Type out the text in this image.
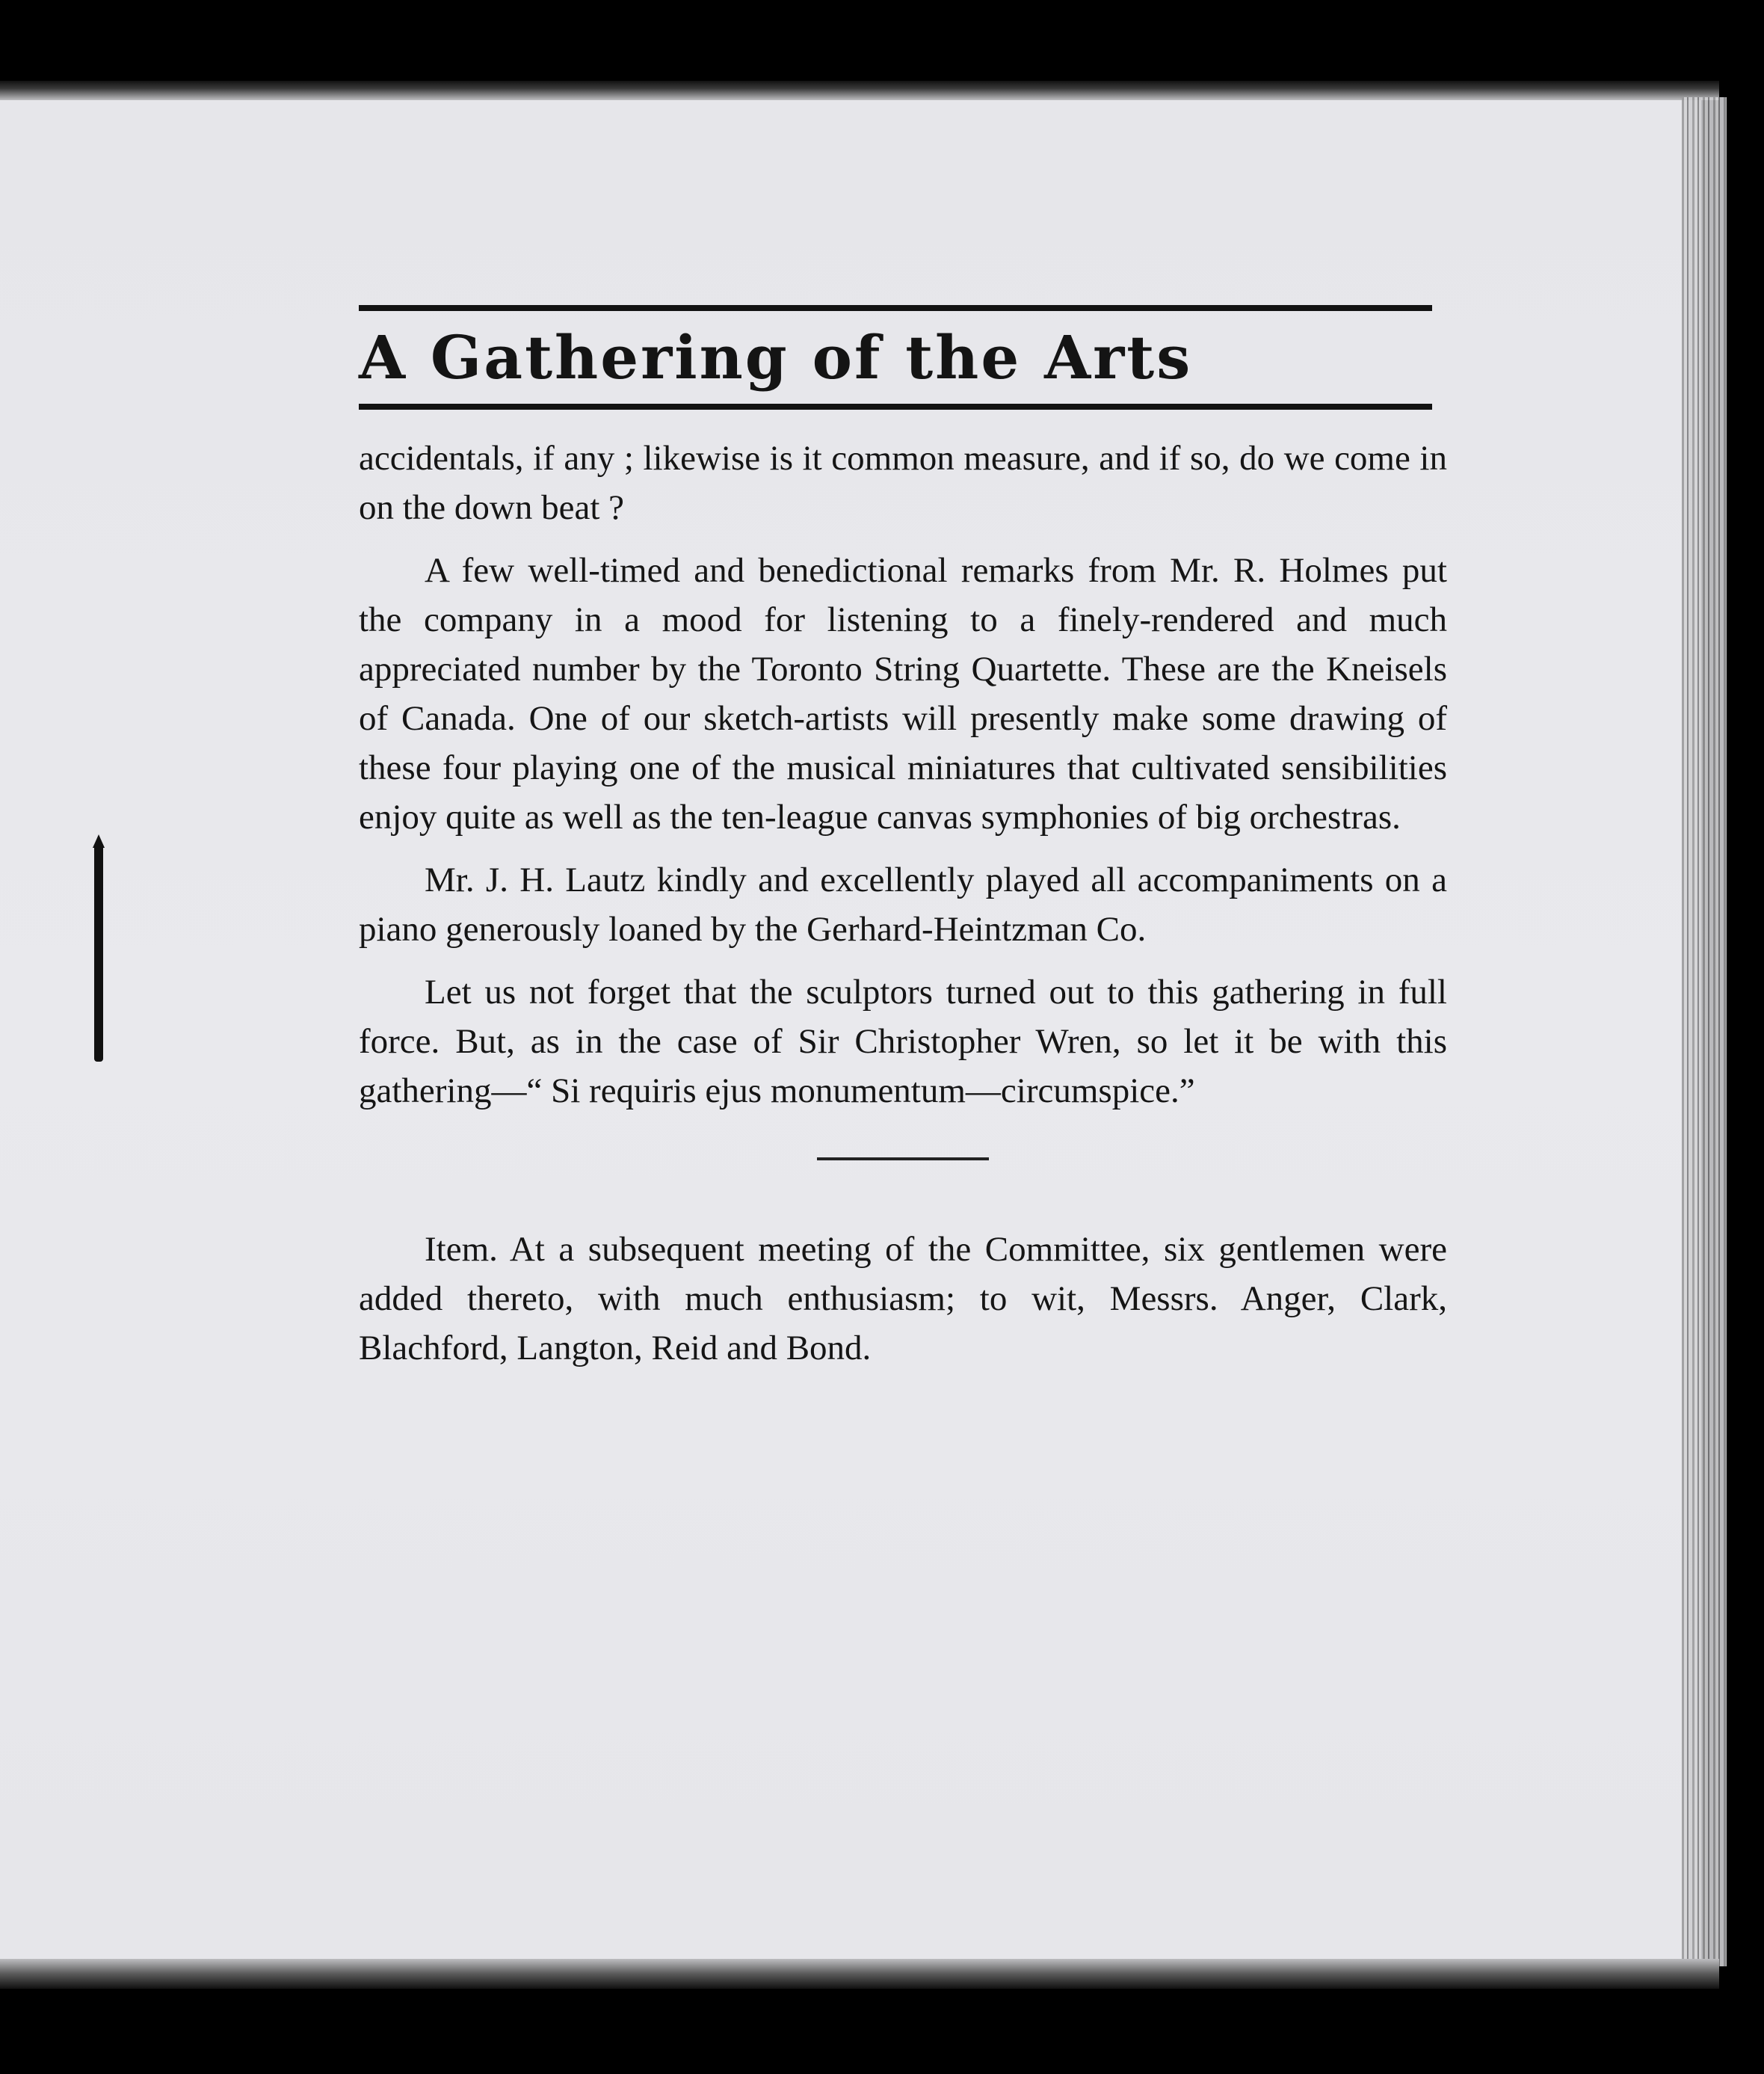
A Gathering of the Arts

accidentals, if any ; likewise is it common measure, and if so, do we come in on the down beat ?

A few well-timed and benedictional remarks from Mr. R. Holmes put the company in a mood for listening to a finely-rendered and much appreciated number by the Toronto String Quartette. These are the Kneisels of Canada. One of our sketch-artists will presently make some drawing of these four playing one of the musical miniatures that cultivated sensibilities enjoy quite as well as the ten-league canvas symphonies of big orchestras.

Mr. J. H. Lautz kindly and excellently played all accompaniments on a piano generously loaned by the Gerhard-Heintzman Co.

Let us not forget that the sculptors turned out to this gathering in full force. But, as in the case of Sir Christopher Wren, so let it be with this gathering—“ Si requiris ejus monumentum—circumspice.”

Item. At a subsequent meeting of the Committee, six gentlemen were added thereto, with much enthusiasm; to wit, Messrs. Anger, Clark, Blachford, Langton, Reid and Bond.
